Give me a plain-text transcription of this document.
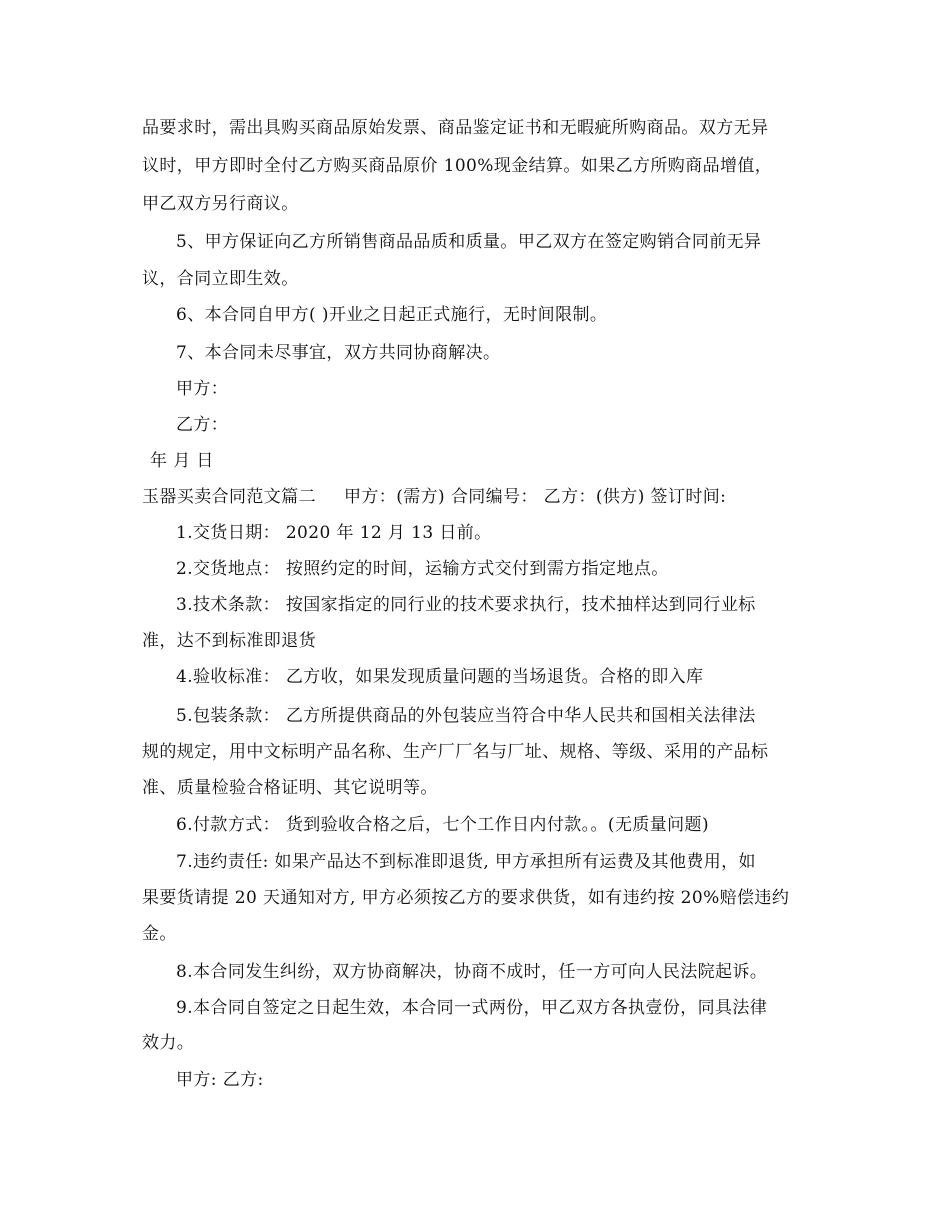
品要求时，需出具购买商品原始发票、商品鉴定证书和无暇疵所购商品。双方无异
议时，甲方即时全付乙方购买商品原价 100%现金结算。如果乙方所购商品增值，
甲乙双方另行商议。
5、甲方保证向乙方所销售商品品质和质量。甲乙双方在签定购销合同前无异
议，合同立即生效。
6、本合同自甲方( )开业之日起正式施行，无时间限制。
7、本合同未尽事宜，双方共同协商解决。
甲方：
乙方：
年 月 日
玉器买卖合同范文篇二 甲方：(需方) 合同编号： 乙方：(供方) 签订时间:
1.交货日期： 2020 年 12 月 13 日前。
2.交货地点： 按照约定的时间，运输方式交付到需方指定地点。
3.技术条款： 按国家指定的同行业的技术要求执行，技术抽样达到同行业标
准，达不到标准即退货
4.验收标准： 乙方收，如果发现质量问题的当场退货。合格的即入库
5.包装条款： 乙方所提供商品的外包装应当符合中华人民共和国相关法律法
规的规定，用中文标明产品名称、生产厂厂名与厂址、规格、等级、采用的产品标
准、质量检验合格证明、其它说明等。
6.付款方式： 货到验收合格之后，七个工作日内付款。。(无质量问题)
7.违约责任: 如果产品达不到标准即退货, 甲方承担所有运费及其他费用，如
果要货请提 20 天通知对方, 甲方必须按乙方的要求供货，如有违约按 20%赔偿违约
金。
8.本合同发生纠纷，双方协商解决，协商不成时，任一方可向人民法院起诉。
9.本合同自签定之日起生效，本合同一式两份，甲乙双方各执壹份，同具法律
效力。
甲方: 乙方:
